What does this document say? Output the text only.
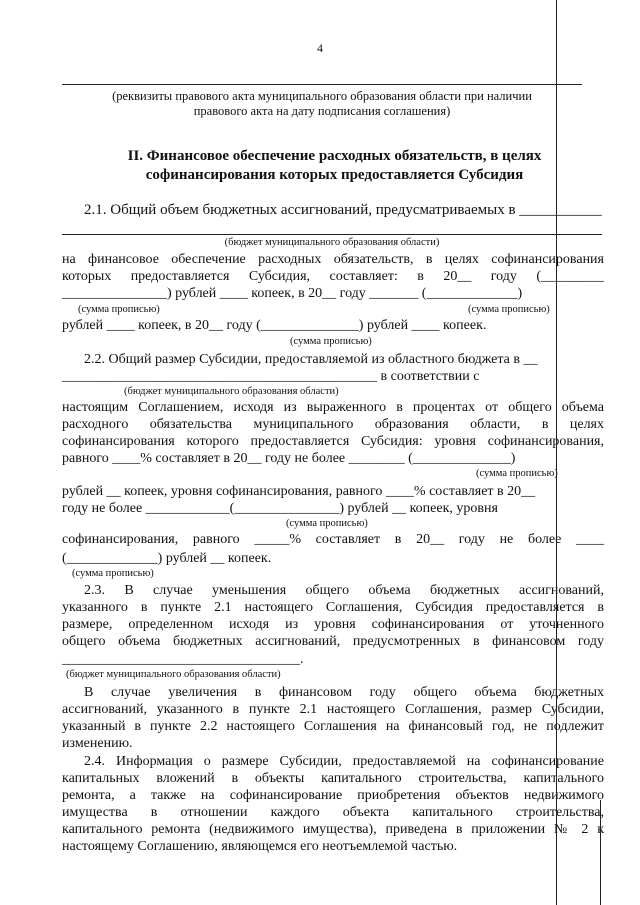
4
(реквизиты правового акта муниципального образования области при наличии
правового акта на дату подписания соглашения)
II. Финансовое обеспечение расходных обязательств, в целях
софинансирования которых предоставляется Субсидия
2.1. Общий объем бюджетных ассигнований, предусматриваемых в ___________
(бюджет муниципального образования области)
на финансовое обеспечение расходных обязательств, в целях софинансирования
которых предоставляется Субсидия, составляет: в 20__ году (_________
_______________) рублей ____ копеек, в 20__ году _______ (_____________)
(сумма прописью)	(сумма прописью)
рублей ____ копеек, в 20__ году (______________) рублей ____ копеек.
(сумма прописью)
2.2. Общий размер Субсидии, предоставляемой из областного бюджета в __
_____________________________________________ в соответствии с
(бюджет муниципального образования области)
настоящим Соглашением, исходя из выраженного в процентах от общего объема
расходного обязательства муниципального образования области, в целях
софинансирования которого предоставляется Субсидия: уровня софинансирования,
равного ____% составляет в 20__ году не более ________ (______________)
(сумма прописью)
рублей __ копеек, уровня софинансирования, равного ____% составляет в 20__
году не более ____________(_______________) рублей __ копеек, уровня
(сумма прописью)
софинансирования, равного _____% составляет в 20__ году не более ____
(_____________) рублей __ копеек.
(сумма прописью)
2.3. В случае уменьшения общего объема бюджетных ассигнований,
указанного в пункте 2.1 настоящего Соглашения, Субсидия предоставляется в
размере, определенном исходя из уровня софинансирования от уточненного
общего объема бюджетных ассигнований, предусмотренных в финансовом году
__________________________________.
(бюджет муниципального образования области)
В случае увеличения в финансовом году общего объема бюджетных
ассигнований, указанного в пункте 2.1 настоящего Соглашения, размер Субсидии,
указанный в пункте 2.2 настоящего Соглашения на финансовый год, не подлежит
изменению.
2.4. Информация о размере Субсидии, предоставляемой на софинансирование
капитальных вложений в объекты капитального строительства, капитального
ремонта, а также на софинансирование приобретения объектов недвижимого
имущества в отношении каждого объекта капитального строительства,
капитального ремонта (недвижимого имущества), приведена в приложении № 2 к
настоящему Соглашению, являющемся его неотъемлемой частью.
